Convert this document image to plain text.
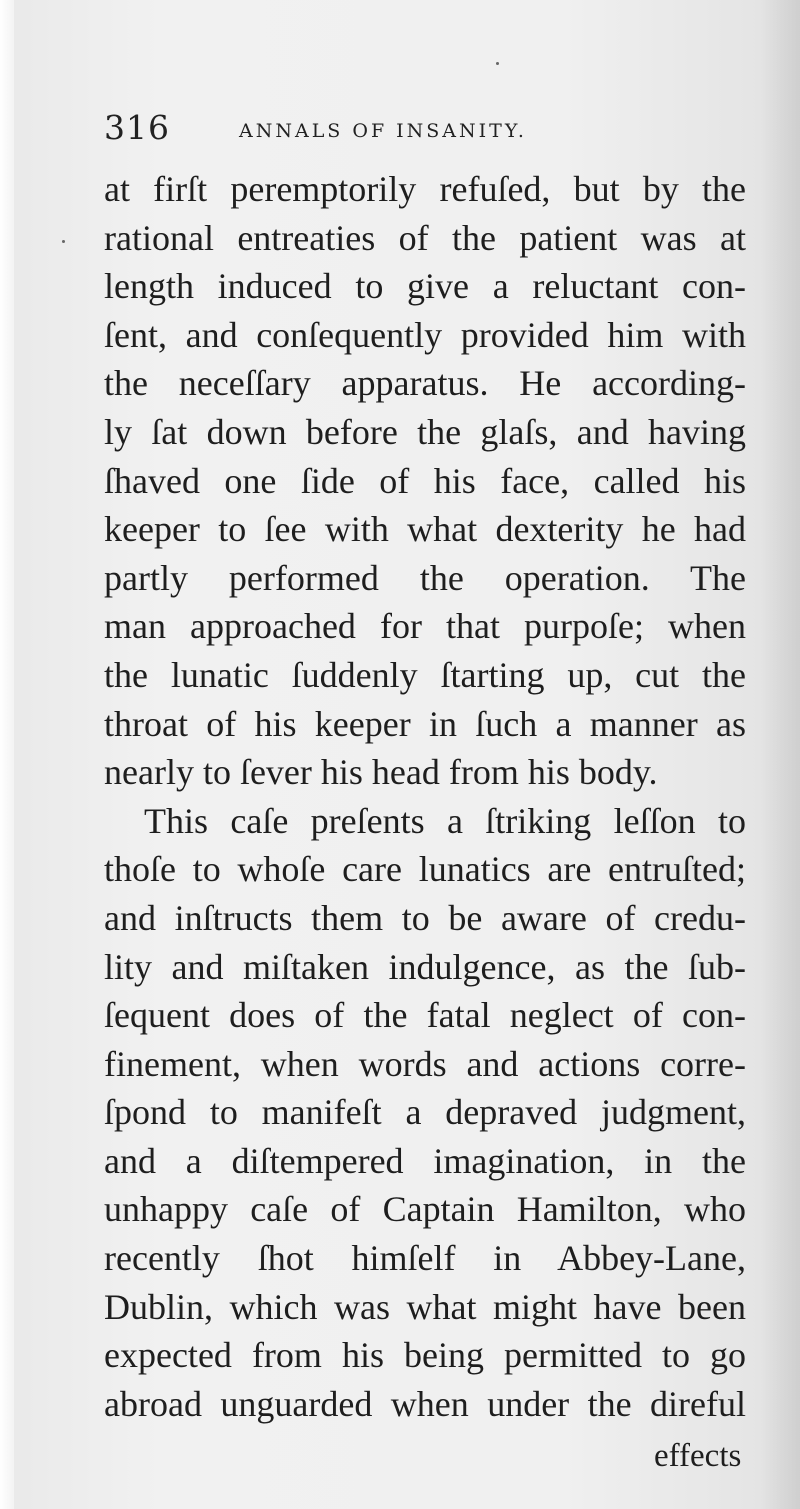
316	ANNALS OF INSANITY.
at firſt peremptorily refuſed, but by the
rational entreaties of the patient was at
length induced to give a reluctant con-
ſent, and conſequently provided him with
the neceſſary apparatus. He according-
ly ſat down before the glaſs, and having
ſhaved one ſide of his face, called his
keeper to ſee with what dexterity he had
partly performed the operation. The
man approached for that purpoſe; when
the lunatic ſuddenly ſtarting up, cut the
throat of his keeper in ſuch a manner as
nearly to ſever his head from his body.
This caſe preſents a ſtriking leſſon to
thoſe to whoſe care lunatics are entruſted;
and inſtructs them to be aware of credu-
lity and miſtaken indulgence, as the ſub-
ſequent does of the fatal neglect of con-
finement, when words and actions corre-
ſpond to manifeſt a depraved judgment,
and a diſtempered imagination, in the
unhappy caſe of Captain Hamilton, who
recently ſhot himſelf in Abbey-Lane,
Dublin, which was what might have been
expected from his being permitted to go
abroad unguarded when under the direful
effects
